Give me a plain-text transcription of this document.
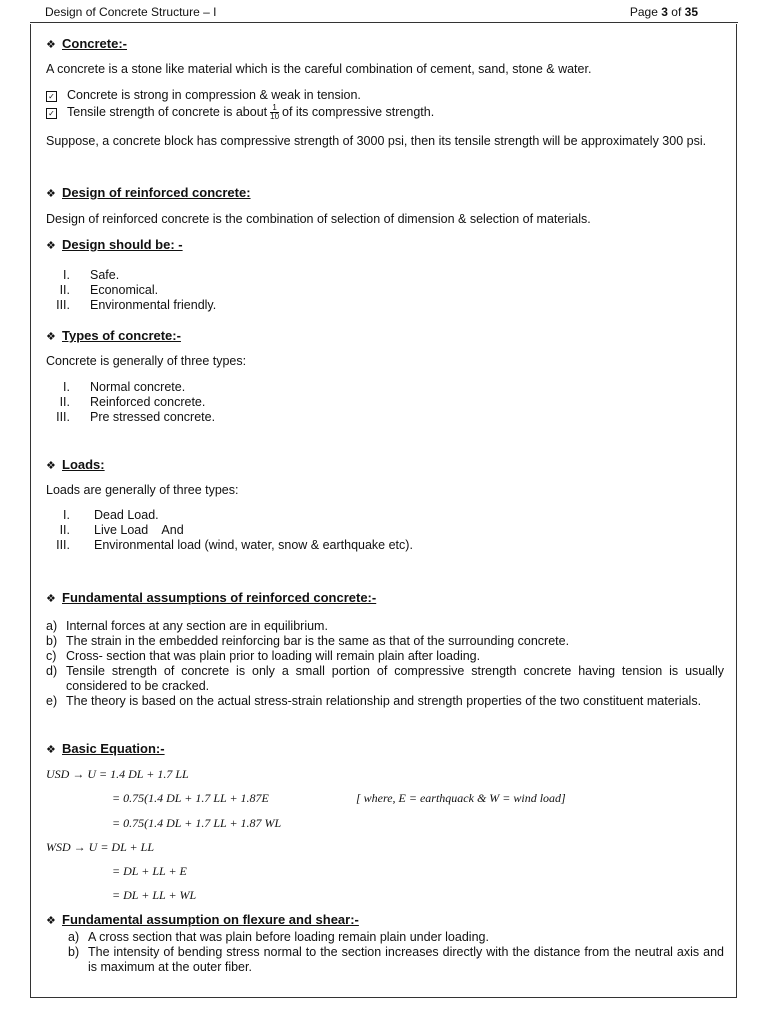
Design of Concrete Structure – I	Page 3 of 35
❖ Concrete:-
A concrete is a stone like material which is the careful combination of cement, sand, stone & water.
✓ Concrete is strong in compression & weak in tension.
✓ Tensile strength of concrete is about $\frac{1}{10}$ of its compressive strength.
Suppose, a concrete block has compressive strength of 3000 psi, then its tensile strength will be approximately 300 psi.
❖ Design of reinforced concrete:
Design of reinforced concrete is the combination of selection of dimension & selection of materials.
❖ Design should be: -
I. Safe.
II. Economical.
III. Environmental friendly.
❖ Types of concrete:-
Concrete is generally of three types:
I. Normal concrete.
II. Reinforced concrete.
III. Pre stressed concrete.
❖ Loads:
Loads are generally of three types:
I. Dead Load.
II. Live Load    And
III. Environmental load (wind, water, snow & earthquake etc).
❖ Fundamental assumptions of reinforced concrete:-
a) Internal forces at any section are in equilibrium.
b) The strain in the embedded reinforcing bar is the same as that of the surrounding concrete.
c) Cross- section that was plain prior to loading will remain plain after loading.
d) Tensile strength of concrete is only a small portion of compressive strength concrete having tension is usually considered to be cracked.
e) The theory is based on the actual stress-strain relationship and strength properties of the two constituent materials.
❖ Basic Equation:-
USD → U = 1.4 DL + 1.7 LL
= 0.75(1.4 DL + 1.7 LL + 1.87E	[ where, E = earthquack & W = wind load]
= 0.75(1.4 DL + 1.7 LL + 1.87 WL
WSD → U = DL + LL
= DL + LL + E
= DL + LL + WL
❖ Fundamental assumption on flexure and shear:-
a) A cross section that was plain before loading remain plain under loading.
b) The intensity of bending stress normal to the section increases directly with the distance from the neutral axis and is maximum at the outer fiber.
